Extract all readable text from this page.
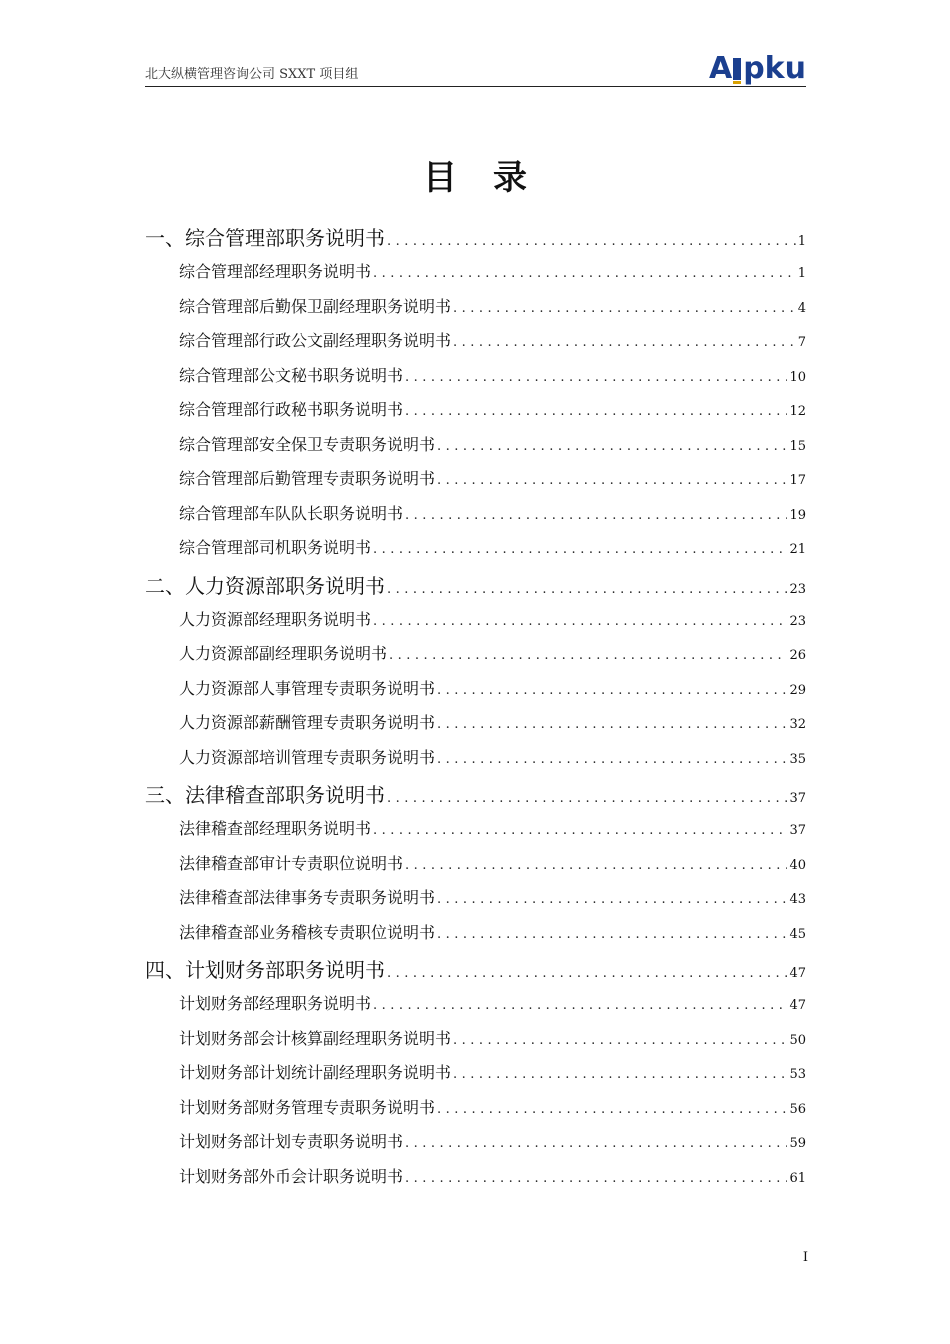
北大纵横管理咨询公司 SXXT 项目组	A pku
目录
一、综合管理部职务说明书 .....	1
综合管理部经理职务说明书 .....	1
综合管理部后勤保卫副经理职务说明书 .....	4
综合管理部行政公文副经理职务说明书 .....	7
综合管理部公文秘书职务说明书 .....	10
综合管理部行政秘书职务说明书 .....	12
综合管理部安全保卫专责职务说明书 .....	15
综合管理部后勤管理专责职务说明书 .....	17
综合管理部车队队长职务说明书 .....	19
综合管理部司机职务说明书 .....	21
二、人力资源部职务说明书 .....	23
人力资源部经理职务说明书 .....	23
人力资源部副经理职务说明书 .....	26
人力资源部人事管理专责职务说明书 .....	29
人力资源部薪酬管理专责职务说明书 .....	32
人力资源部培训管理专责职务说明书 .....	35
三、法律稽查部职务说明书 .....	37
法律稽查部经理职务说明书 .....	37
法律稽查部审计专责职位说明书 .....	40
法律稽查部法律事务专责职务说明书 .....	43
法律稽查部业务稽核专责职位说明书 .....	45
四、计划财务部职务说明书 .....	47
计划财务部经理职务说明书 .....	47
计划财务部会计核算副经理职务说明书 .....	50
计划财务部计划统计副经理职务说明书 .....	53
计划财务部财务管理专责职务说明书 .....	56
计划财务部计划专责职务说明书 .....	59
计划财务部外币会计职务说明书 .....	61
I
